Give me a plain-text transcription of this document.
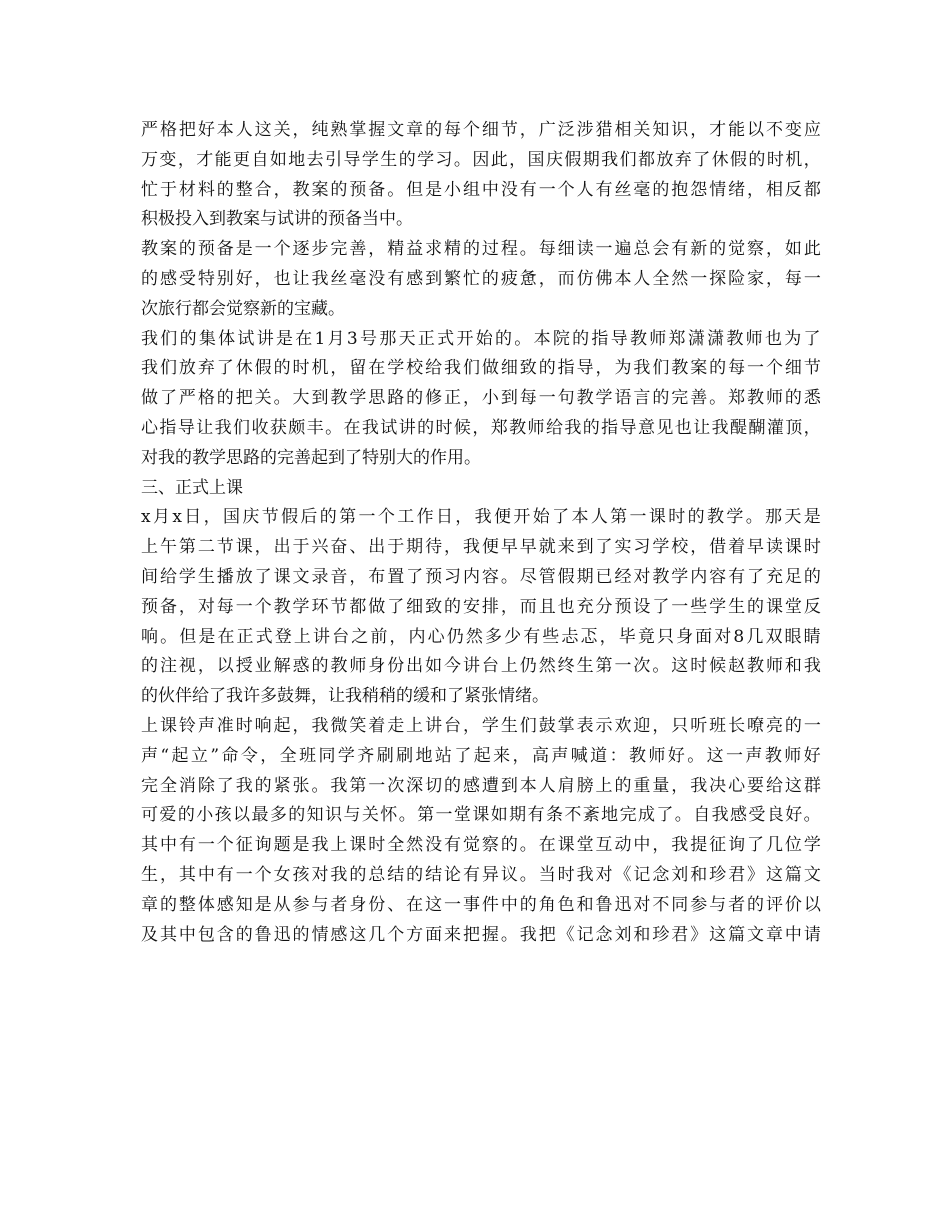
严 格 把 好 本 人 这 关 ， 纯 熟 掌 握 文 章 的 每 个 细 节 ， 广 泛 涉 猎 相 关 知 识 ， 才 能 以 不 变 应
万 变 ， 才 能 更 自 如 地 去 引 导 学 生 的 学 习 。 因 此 ， 国 庆 假 期 我 们 都 放 弃 了 休 假 的 时 机 ，
忙 于 材 料 的 整 合 ， 教 案 的 预 备 。 但 是 小 组 中 没 有 一 个 人 有 丝 毫 的 抱 怨 情 绪 ， 相 反 都
积极投入到教案与试讲的预备当中。
教 案 的 预 备 是 一 个 逐 步 完 善 ， 精 益 求 精 的 过 程 。 每 细 读 一 遍 总 会 有 新 的 觉 察 ， 如 此
的 感 受 特 别 好 ， 也 让 我 丝 毫 没 有 感 到 繁 忙 的 疲 惫 ， 而 仿 佛 本 人 全 然 一 探 险 家 ， 每 一
次旅行都会觉察新的宝藏。
我 们 的 集 体 试 讲 是 在 1 月 3 号 那 天 正 式 开 始 的 。 本 院 的 指 导 教 师 郑 潇 潇 教 师 也 为 了
我 们 放 弃 了 休 假 的 时 机 ， 留 在 学 校 给 我 们 做 细 致 的 指 导 ， 为 我 们 教 案 的 每 一 个 细 节
做 了 严 格 的 把 关 。 大 到 教 学 思 路 的 修 正 ， 小 到 每 一 句 教 学 语 言 的 完 善 。 郑 教 师 的 悉
心 指 导 让 我 们 收 获 颇 丰 。 在 我 试 讲 的 时 候 ， 郑 教 师 给 我 的 指 导 意 见 也 让 我 醍 醐 灌 顶 ，
对我的教学思路的完善起到了特别大的作用。
三、正式上课
x 月 x 日 ， 国 庆 节 假 后 的 第 一 个 工 作 日 ， 我 便 开 始 了 本 人 第 一 课 时 的 教 学 。 那 天 是
上 午 第 二 节 课 ， 出 于 兴 奋 、 出 于 期 待 ， 我 便 早 早 就 来 到 了 实 习 学 校 ， 借 着 早 读 课 时
间 给 学 生 播 放 了 课 文 录 音 ， 布 置 了 预 习 内 容 。 尽 管 假 期 已 经 对 教 学 内 容 有 了 充 足 的
预 备 ， 对 每 一 个 教 学 环 节 都 做 了 细 致 的 安 排 ， 而 且 也 充 分 预 设 了 一 些 学 生 的 课 堂 反
响 。 但 是 在 正 式 登 上 讲 台 之 前 ， 内 心 仍 然 多 少 有 些 忐 忑 ， 毕 竟 只 身 面 对 8 几 双 眼 睛
的 注 视 ， 以 授 业 解 惑 的 教 师 身 份 出 如 今 讲 台 上 仍 然 终 生 第 一 次 。 这 时 候 赵 教 师 和 我
的伙伴给了我许多鼓舞，让我稍稍的缓和了紧张情绪。
上 课 铃 声 准 时 响 起 ， 我 微 笑 着 走 上 讲 台 ， 学 生 们 鼓 掌 表 示 欢 迎 ， 只 听 班 长 嘹 亮 的 一
声 “ 起 立 ” 命 令 ， 全 班 同 学 齐 刷 刷 地 站 了 起 来 ， 高 声 喊 道 ： 教 师 好 。 这 一 声 教 师 好
完 全 消 除 了 我 的 紧 张 。 我 第 一 次 深 切 的 感 遭 到 本 人 肩 膀 上 的 重 量 ， 我 决 心 要 给 这 群
可 爱 的 小 孩 以 最 多 的 知 识 与 关 怀 。 第 一 堂 课 如 期 有 条 不 紊 地 完 成 了 。 自 我 感 受 良 好 。
其 中 有 一 个 征 询 题 是 我 上 课 时 全 然 没 有 觉 察 的 。 在 课 堂 互 动 中 ， 我 提 征 询 了 几 位 学
生 ， 其 中 有 一 个 女 孩 对 我 的 总 结 的 结 论 有 异 议 。 当 时 我 对 《 记 念 刘 和 珍 君 》 这 篇 文
章 的 整 体 感 知 是 从 参 与 者 身 份 、 在 这 一 事 件 中 的 角 色 和 鲁 迅 对 不 同 参 与 者 的 评 价 以
及 其 中 包 含 的 鲁 迅 的 情 感 这 几 个 方 面 来 把 握 。 我 把 《 记 念 刘 和 珍 君 》 这 篇 文 章 中 请
